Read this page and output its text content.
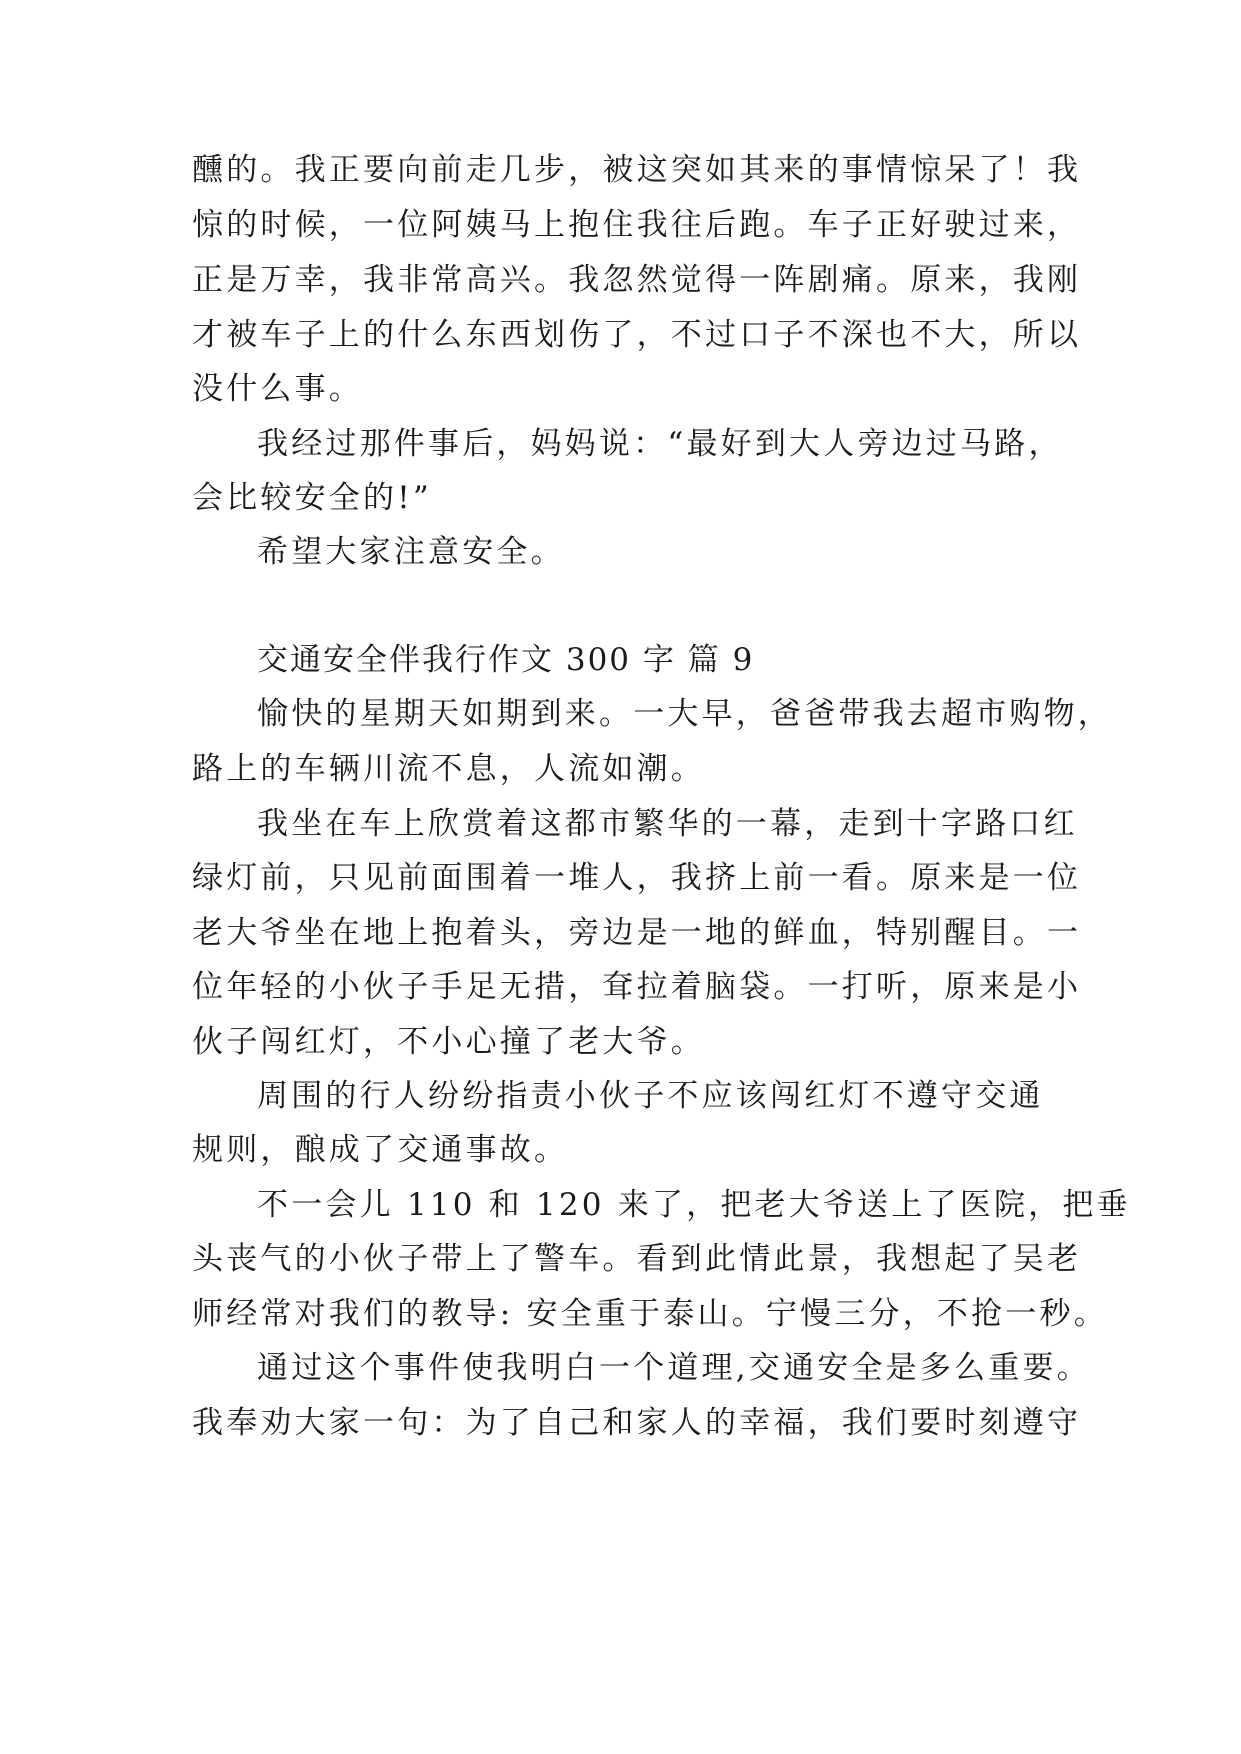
醺的。我正要向前走几步，被这突如其来的事情惊呆了！我

惊的时候，一位阿姨马上抱住我往后跑。车子正好驶过来，

正是万幸，我非常高兴。我忽然觉得一阵剧痛。原来，我刚

才被车子上的什么东西划伤了，不过口子不深也不大，所以

没什么事。

我经过那件事后，妈妈说：“最好到大人旁边过马路，

会比较安全的!”

希望大家注意安全。

交通安全伴我行作文 300 字 篇 9

愉快的星期天如期到来。一大早，爸爸带我去超市购物，

路上的车辆川流不息，人流如潮。

我坐在车上欣赏着这都市繁华的一幕，走到十字路口红

绿灯前，只见前面围着一堆人，我挤上前一看。原来是一位

老大爷坐在地上抱着头，旁边是一地的鲜血，特别醒目。一

位年轻的小伙子手足无措，耷拉着脑袋。一打听，原来是小

伙子闯红灯，不小心撞了老大爷。

周围的行人纷纷指责小伙子不应该闯红灯不遵守交通

规则，酿成了交通事故。

不一会儿 110 和 120 来了，把老大爷送上了医院，把垂

头丧气的小伙子带上了警车。看到此情此景，我想起了吴老

师经常对我们的教导: 安全重于泰山。宁慢三分，不抢一秒。

通过这个事件使我明白一个道理,交通安全是多么重要。

我奉劝大家一句：为了自己和家人的幸福，我们要时刻遵守
